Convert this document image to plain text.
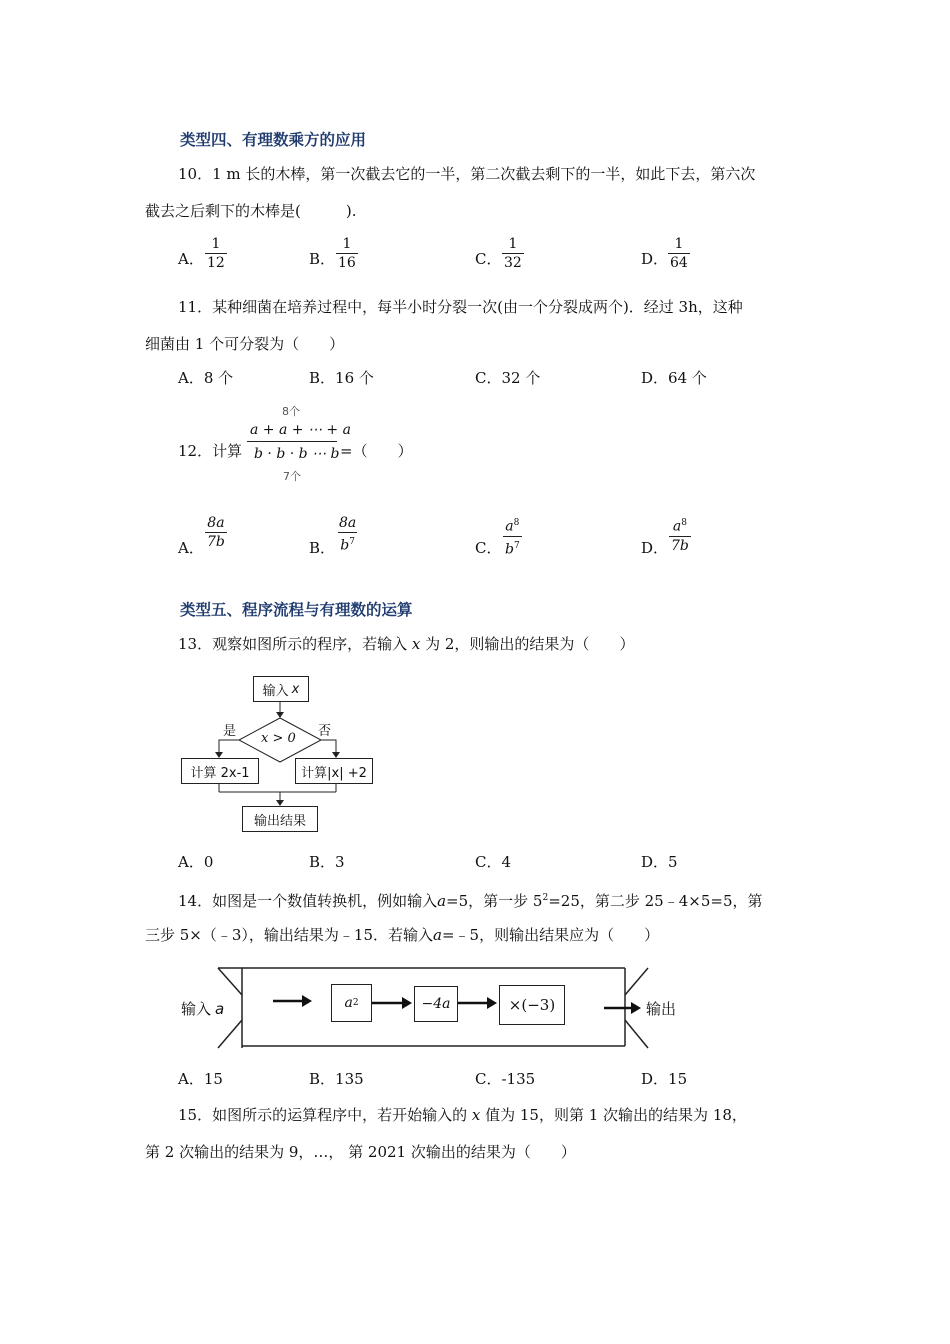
类型四、有理数乘方的应用
10．1 m 长的木棒，第一次截去它的一半，第二次截去剩下的一半，如此下去，第六次
截去之后剩下的木棒是(　　　).
A． $\frac{1}{12}$	B． $\frac{1}{16}$	C． $\frac{1}{32}$	D． $\frac{1}{64}$
11．某种细菌在培养过程中，每半小时分裂一次(由一个分裂成两个)．经过 3h，这种
细菌由 1 个可分裂为（　　）
A．8 个	B．16 个	C．32 个	D．64 个
12．计算
8个
a + a + ⋯ + a
b · b · b ⋯ b
7个
=（　　）
A． $\frac{8a}{7b}$	B． $\frac{8a}{b^7}$	C． $\frac{a^8}{b^7}$	D． $\frac{a^8}{7b}$
类型五、程序流程与有理数的运算
13．观察如图所示的程序，若输入 x 为 2，则输出的结果为（　　）
输入 x
x > 0
是	否
计算 2x-1	计算|x| +2
输出结果
A．0	B．3	C．4	D．5
14．如图是一个数值转换机，例如输入a=5，第一步 $5^2=25$，第二步 25﹣4×5=5，第
三步 5×（﹣3），输出结果为﹣15．若输入a=﹣5，则输出结果应为（　　）
输入 a	a 2	−4a	×(−3)	输出
A．15	B．135	C．-135	D．15
15．如图所示的运算程序中，若开始输入的 x 值为 15，则第 1 次输出的结果为 18，
第 2 次输出的结果为 9，…， 第 2021 次输出的结果为（　　）
